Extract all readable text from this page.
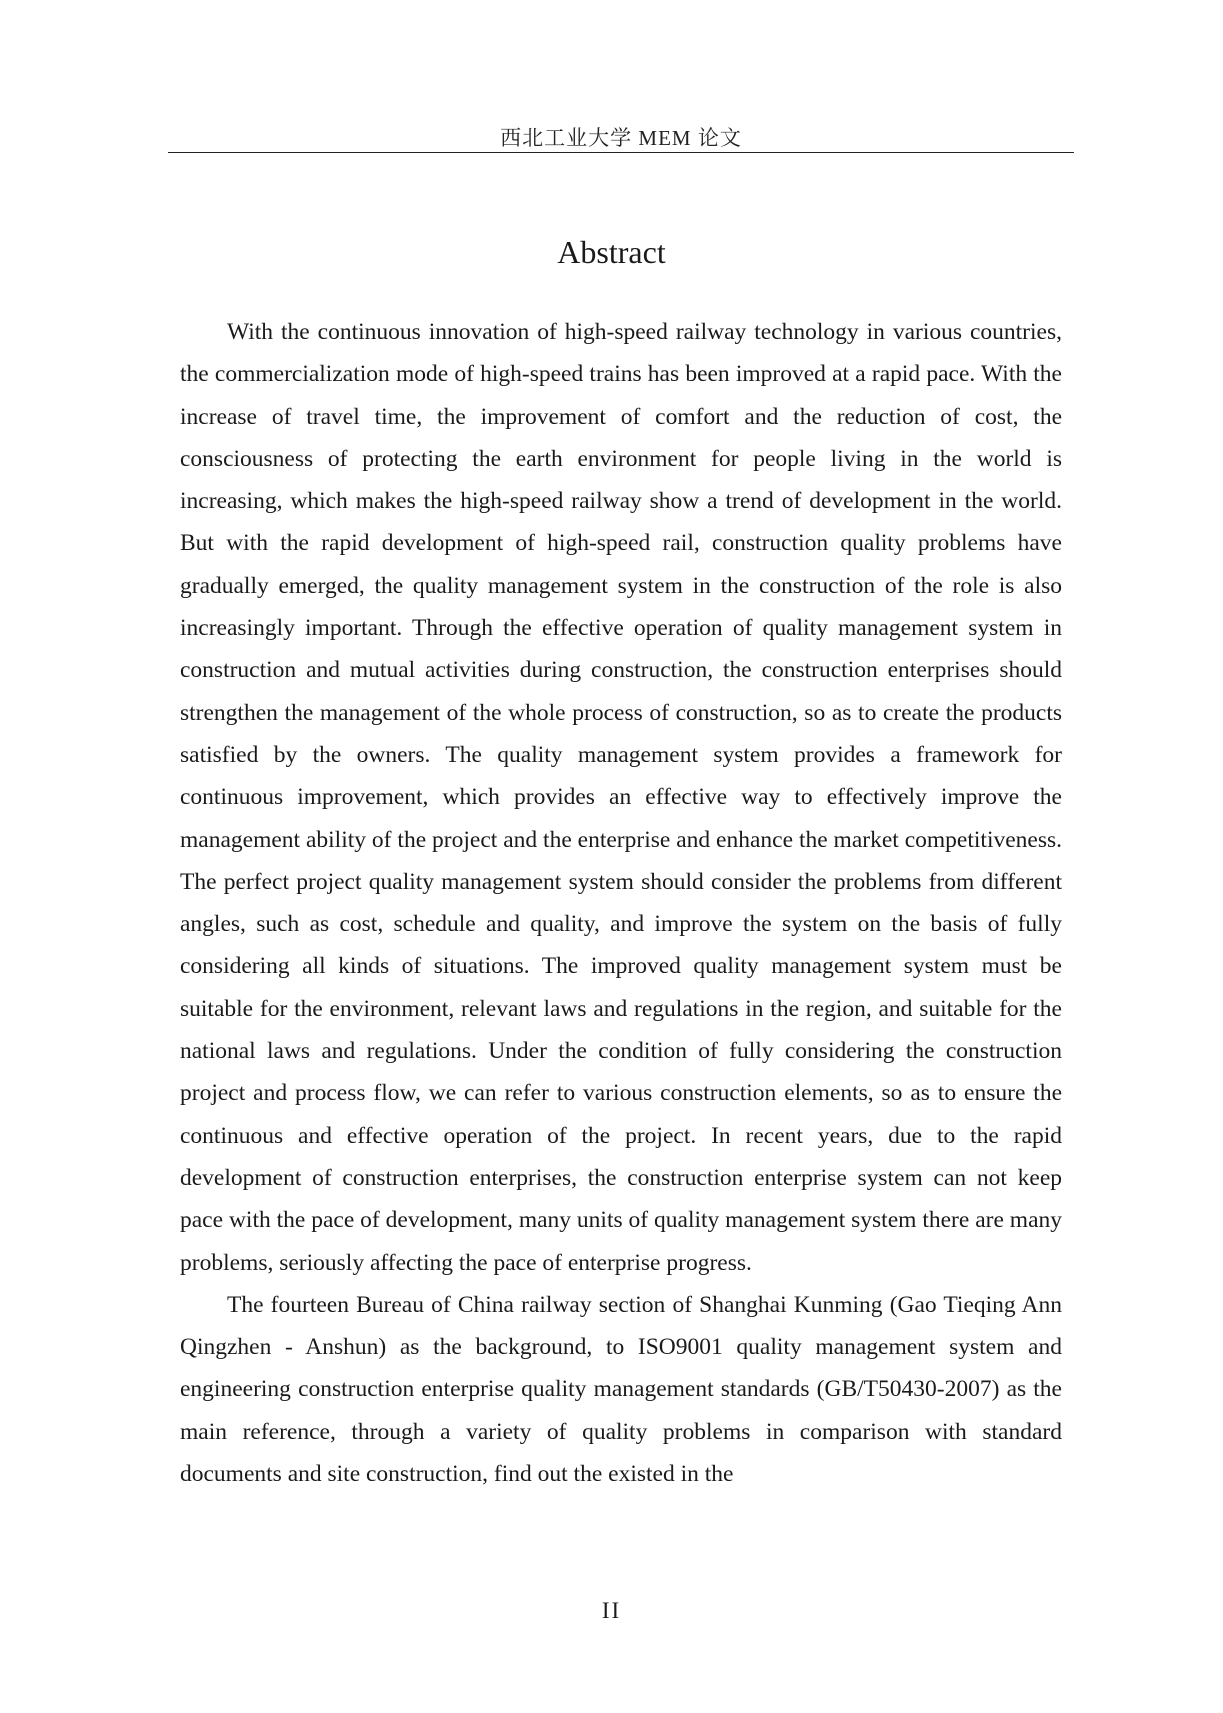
西北工业大学 MEM 论文
Abstract

With the continuous innovation of high-speed railway technology in various countries, the commercialization mode of high-speed trains has been improved at a rapid pace. With the increase of travel time, the improvement of comfort and the reduction of cost, the consciousness of protecting the earth environment for people living in the world is increasing, which makes the high-speed railway show a trend of development in the world. But with the rapid development of high-speed rail, construction quality problems have gradually emerged, the quality management system in the construction of the role is also increasingly important. Through the effective operation of quality management system in construction and mutual activities during construction, the construction enterprises should strengthen the management of the whole process of construction, so as to create the products satisfied by the owners. The quality management system provides a framework for continuous improvement, which provides an effective way to effectively improve the management ability of the project and the enterprise and enhance the market competitiveness. The perfect project quality management system should consider the problems from different angles, such as cost, schedule and quality, and improve the system on the basis of fully considering all kinds of situations. The improved quality management system must be suitable for the environment, relevant laws and regulations in the region, and suitable for the national laws and regulations. Under the condition of fully considering the construction project and process flow, we can refer to various construction elements, so as to ensure the continuous and effective operation of the project. In recent years, due to the rapid development of construction enterprises, the construction enterprise system can not keep pace with the pace of development, many units of quality management system there are many problems, seriously affecting the pace of enterprise progress.

The fourteen Bureau of China railway section of Shanghai Kunming (Gao Tieqing Ann Qingzhen - Anshun) as the background, to ISO9001 quality management system and engineering construction enterprise quality management standards (GB/T50430-2007) as the main reference, through a variety of quality problems in comparison with standard documents and site construction, find out the existed in the

II
